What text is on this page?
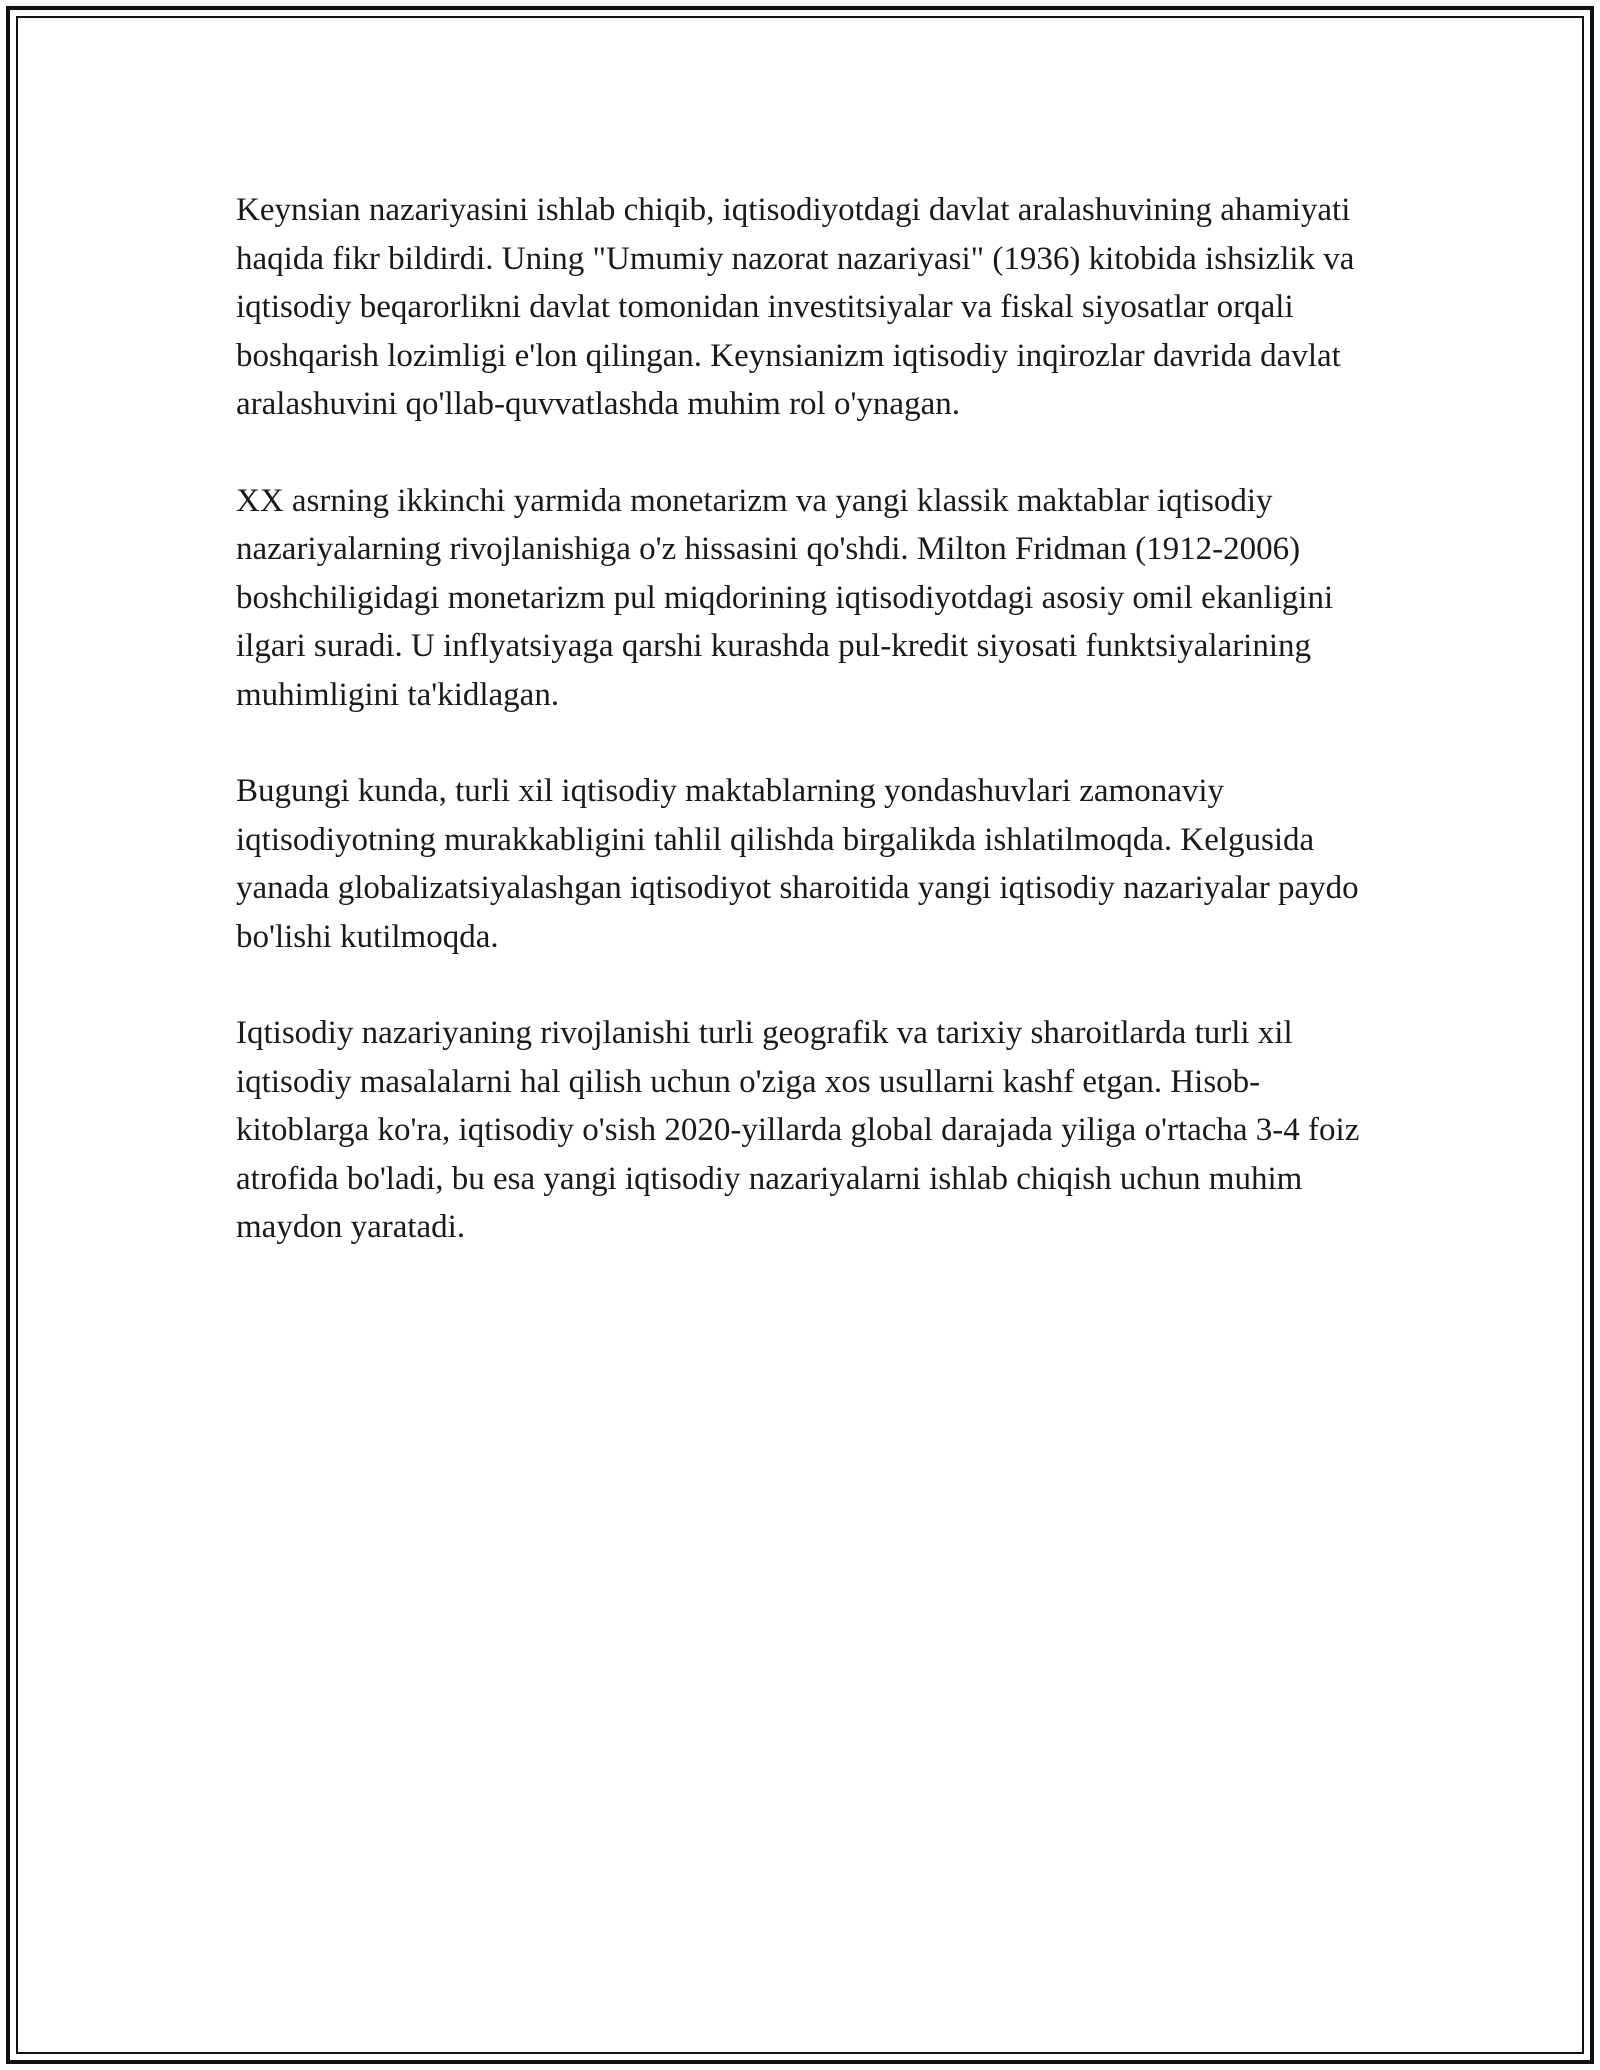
Keynsian nazariyasini ishlab chiqib, iqtisodiyotdagi davlat aralashuvining ahamiyati haqida fikr bildirdi. Uning "Umumiy nazorat nazariyasi" (1936) kitobida ishsizlik va iqtisodiy beqarorlikni davlat tomonidan investitsiyalar va fiskal siyosatlar orqali boshqarish lozimligi e'lon qilingan. Keynsianizm iqtisodiy inqirozlar davrida davlat aralashuvini qo'llab-quvvatlashda muhim rol o'ynagan.

XX asrning ikkinchi yarmida monetarizm va yangi klassik maktablar iqtisodiy nazariyalarning rivojlanishiga o'z hissasini qo'shdi. Milton Fridman (1912-2006) boshchiligidagi monetarizm pul miqdorining iqtisodiyotdagi asosiy omil ekanligini ilgari suradi. U inflyatsiyaga qarshi kurashda pul-kredit siyosati funktsiyalarining muhimligini ta'kidlagan.

Bugungi kunda, turli xil iqtisodiy maktablarning yondashuvlari zamonaviy iqtisodiyotning murakkabligini tahlil qilishda birgalikda ishlatilmoqda. Kelgusida yanada globalizatsiyalashgan iqtisodiyot sharoitida yangi iqtisodiy nazariyalar paydo bo'lishi kutilmoqda.

Iqtisodiy nazariyaning rivojlanishi turli geografik va tarixiy sharoitlarda turli xil iqtisodiy masalalarni hal qilish uchun o'ziga xos usullarni kashf etgan. Hisob-kitoblarga ko'ra, iqtisodiy o'sish 2020-yillarda global darajada yiliga o'rtacha 3-4 foiz atrofida bo'ladi, bu esa yangi iqtisodiy nazariyalarni ishlab chiqish uchun muhim maydon yaratadi.
